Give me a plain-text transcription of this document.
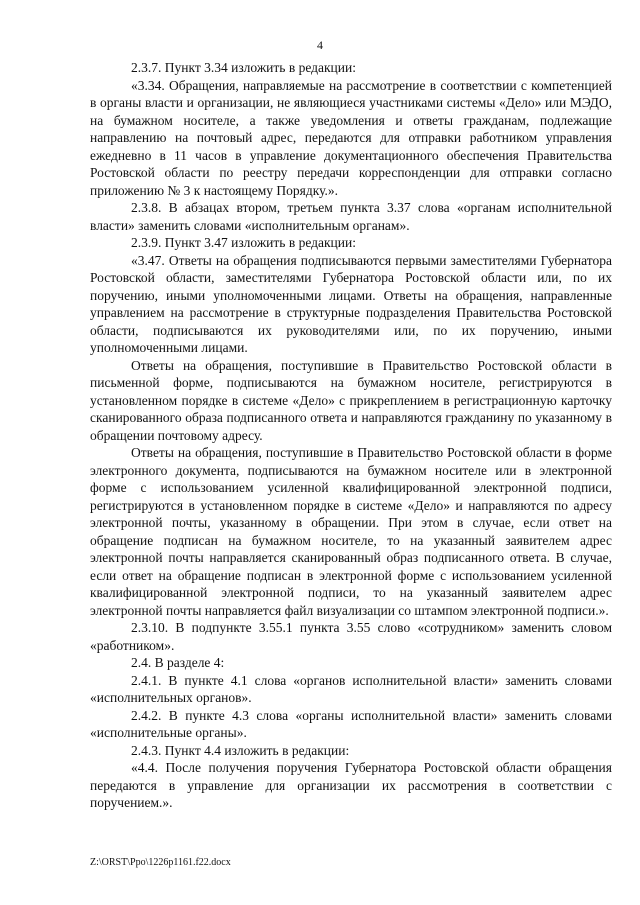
4

2.3.7. Пункт 3.34 изложить в редакции:

«3.34. Обращения, направляемые на рассмотрение в соответствии с компетенцией в органы власти и организации, не являющиеся участниками системы «Дело» или МЭДО, на бумажном носителе, а также уведомления и ответы гражданам, подлежащие направлению на почтовый адрес, передаются для отправки работником управления ежедневно в 11 часов в управление документационного обеспечения Правительства Ростовской области по реестру передачи корреспонденции для отправки согласно приложению № 3 к настоящему Порядку.».

2.3.8. В абзацах втором, третьем пункта 3.37 слова «органам исполнительной власти» заменить словами «исполнительным органам».

2.3.9. Пункт 3.47 изложить в редакции:

«3.47. Ответы на обращения подписываются первыми заместителями Губернатора Ростовской области, заместителями Губернатора Ростовской области или, по их поручению, иными уполномоченными лицами. Ответы на обращения, направленные управлением на рассмотрение в структурные подразделения Правительства Ростовской области, подписываются их руководителями или, по их поручению, иными уполномоченными лицами.

Ответы на обращения, поступившие в Правительство Ростовской области в письменной форме, подписываются на бумажном носителе, регистрируются в установленном порядке в системе «Дело» с прикреплением в регистрационную карточку сканированного образа подписанного ответа и направляются гражданину по указанному в обращении почтовому адресу.

Ответы на обращения, поступившие в Правительство Ростовской области в форме электронного документа, подписываются на бумажном носителе или в электронной форме с использованием усиленной квалифицированной электронной подписи, регистрируются в установленном порядке в системе «Дело» и направляются по адресу электронной почты, указанному в обращении. При этом в случае, если ответ на обращение подписан на бумажном носителе, то на указанный заявителем адрес электронной почты направляется сканированный образ подписанного ответа. В случае, если ответ на обращение подписан в электронной форме с использованием усиленной квалифицированной электронной подписи, то на указанный заявителем адрес электронной почты направляется файл визуализации со штампом электронной подписи.».

2.3.10. В подпункте 3.55.1 пункта 3.55 слово «сотрудником» заменить словом «работником».

2.4. В разделе 4:

2.4.1. В пункте 4.1 слова «органов исполнительной власти» заменить словами «исполнительных органов».

2.4.2. В пункте 4.3 слова «органы исполнительной власти» заменить словами «исполнительные органы».

2.4.3. Пункт 4.4 изложить в редакции:

«4.4. После получения поручения Губернатора Ростовской области обращения передаются в управление для организации их рассмотрения в соответствии с поручением.».

Z:\ORST\Ppo\1226p1161.f22.docx
